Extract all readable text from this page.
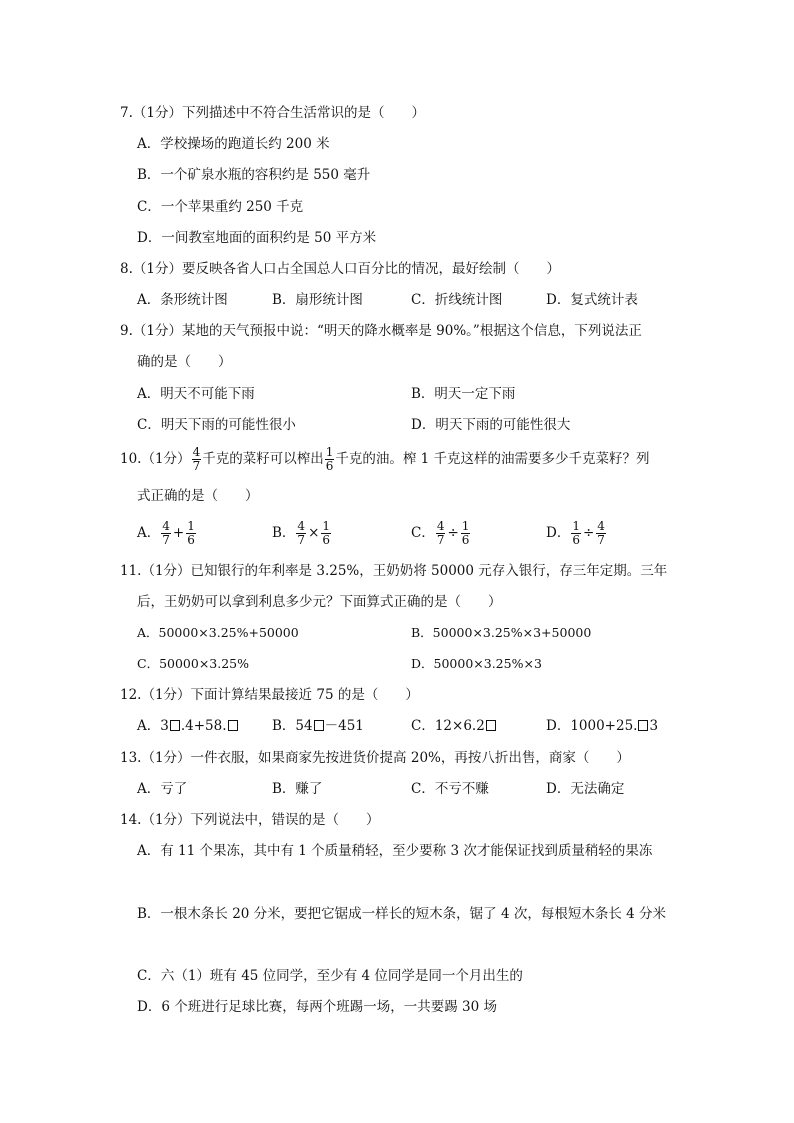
7.（1分）下列描述中不符合生活常识的是（　　）
A．学校操场的跑道长约 200 米
B．一个矿泉水瓶的容积约是 550 毫升
C．一个苹果重约 250 千克
D．一间教室地面的面积约是 50 平方米
8.（1分）要反映各省人口占全国总人口百分比的情况，最好绘制（　　）
A．条形统计图	B．扇形统计图	C．折线统计图	D．复式统计表
9.（1分）某地的天气预报中说：“明天的降水概率是 90%。”根据这个信息，下列说法正
确的是（　　）
A．明天不可能下雨	B．明天一定下雨
C．明天下雨的可能性很小	D．明天下雨的可能性很大
10.（1分） $\frac{4}{7}$ 千克的菜籽可以榨出 $\frac{1}{6}$ 千克的油。榨 1 千克这样的油需要多少千克菜籽？列
式正确的是（　　）
A． $\frac{4}{7} + \frac{1}{6}$	B． $\frac{4}{7} \times \frac{1}{6}$	C． $\frac{4}{7} \div \frac{1}{6}$	D． $\frac{1}{6} \div \frac{4}{7}$
11.（1分）已知银行的年利率是 3.25%，王奶奶将 50000 元存入银行，存三年定期。三年
后，王奶奶可以拿到利息多少元？下面算式正确的是（　　）
A．50000×3.25%+50000	B．50000×3.25%×3+50000
C．50000×3.25%	D．50000×3.25%×3
12.（1分）下面计算结果最接近 75 的是（　　）
A．3 .4+58.	B．54 －451	C．12×6.2	D．1000+25. 3
13.（1分）一件衣服，如果商家先按进货价提高 20%，再按八折出售，商家（　　）
A．亏了	B．赚了	C．不亏不赚	D．无法确定
14.（1分）下列说法中，错误的是（　　）
A．有 11 个果冻，其中有 1 个质量稍轻，至少要称 3 次才能保证找到质量稍轻的果冻
B．一根木条长 20 分米，要把它锯成一样长的短木条，锯了 4 次，每根短木条长 4 分米
C．六（1）班有 45 位同学，至少有 4 位同学是同一个月出生的
D．6 个班进行足球比赛，每两个班踢一场，一共要踢 30 场
